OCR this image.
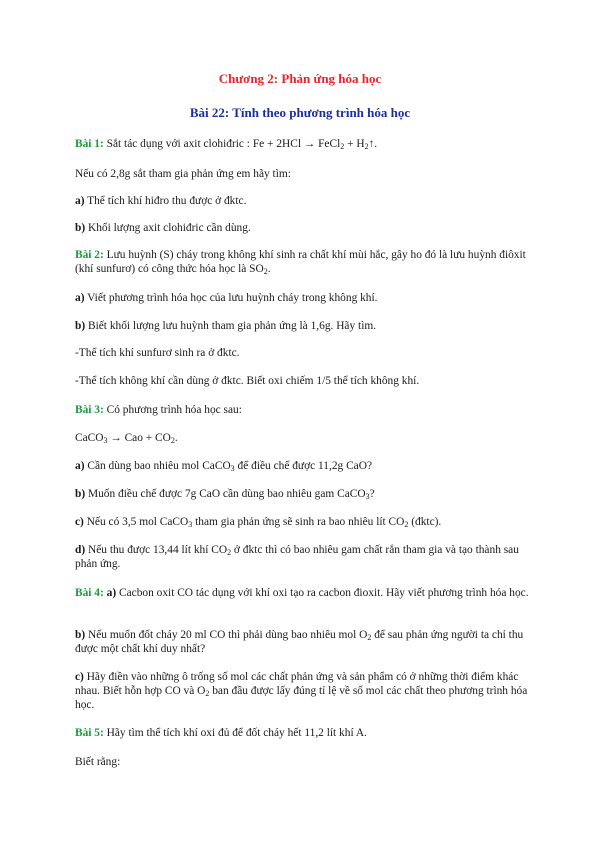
Chương 2: Phản ứng hóa học
Bài 22: Tính theo phương trình hóa học
Bài 1: Sắt tác dụng với axit clohiđric : Fe + 2HCl → FeCl$_2$ + $H_2↑$.
Nếu có 2,8g sắt tham gia phản ứng em hãy tìm:
a) Thể tích khí hiđro thu được ở đktc.
b) Khối lượng axit clohiđric cần dùng.
Bài 2: Lưu huỳnh (S) cháy trong không khí sinh ra chất khí mùi hắc, gây ho đó là lưu huỳnh điôxit (khí sunfurơ) có công thức hóa học là $SO_2$.
a) Viết phương trình hóa học của lưu huỳnh cháy trong không khí.
b) Biết khối lượng lưu huỳnh tham gia phản ứng là 1,6g. Hãy tìm.
-Thể tích khí sunfurơ sinh ra ở đktc.
-Thể tích không khí cần dùng ở đktc. Biết oxi chiếm 1/5 thể tích không khí.
Bài 3: Có phương trình hóa học sau:
CaCO$_3$ → Cao + $CO_2$.
a) Cần dùng bao nhiêu mol CaCO$_3$ để điều chế được 11,2g CaO?
b) Muốn điều chế được 7g CaO cần dùng bao nhiêu gam CaCO$_3$?
c) Nếu có 3,5 mol CaCO$_3$ tham gia phản ứng sẽ sinh ra bao nhiêu lít $CO_2$ (đktc).
d) Nếu thu được 13,44 lít khí $CO_2$ ở đktc thì có bao nhiêu gam chất rắn tham gia và tạo thành sau phản ứng.
Bài 4: a) Cacbon oxit CO tác dụng với khí oxi tạo ra cacbon đioxit. Hãy viết phương trình hóa học.
b) Nếu muốn đốt cháy 20 ml CO thì phải dùng bao nhiêu mol $O_2$ để sau phản ứng người ta chỉ thu được một chất khí duy nhất?
c) Hãy điền vào những ô trống số mol các chất phản ứng và sản phẩm có ở những thời điểm khác nhau. Biết hỗn hợp CO và $O_2$ ban đầu được lấy đúng tỉ lệ về số mol các chất theo phương trình hóa học.
Bài 5: Hãy tìm thể tích khí oxi đủ để đốt cháy hết 11,2 lít khí A.
Biết rằng:
